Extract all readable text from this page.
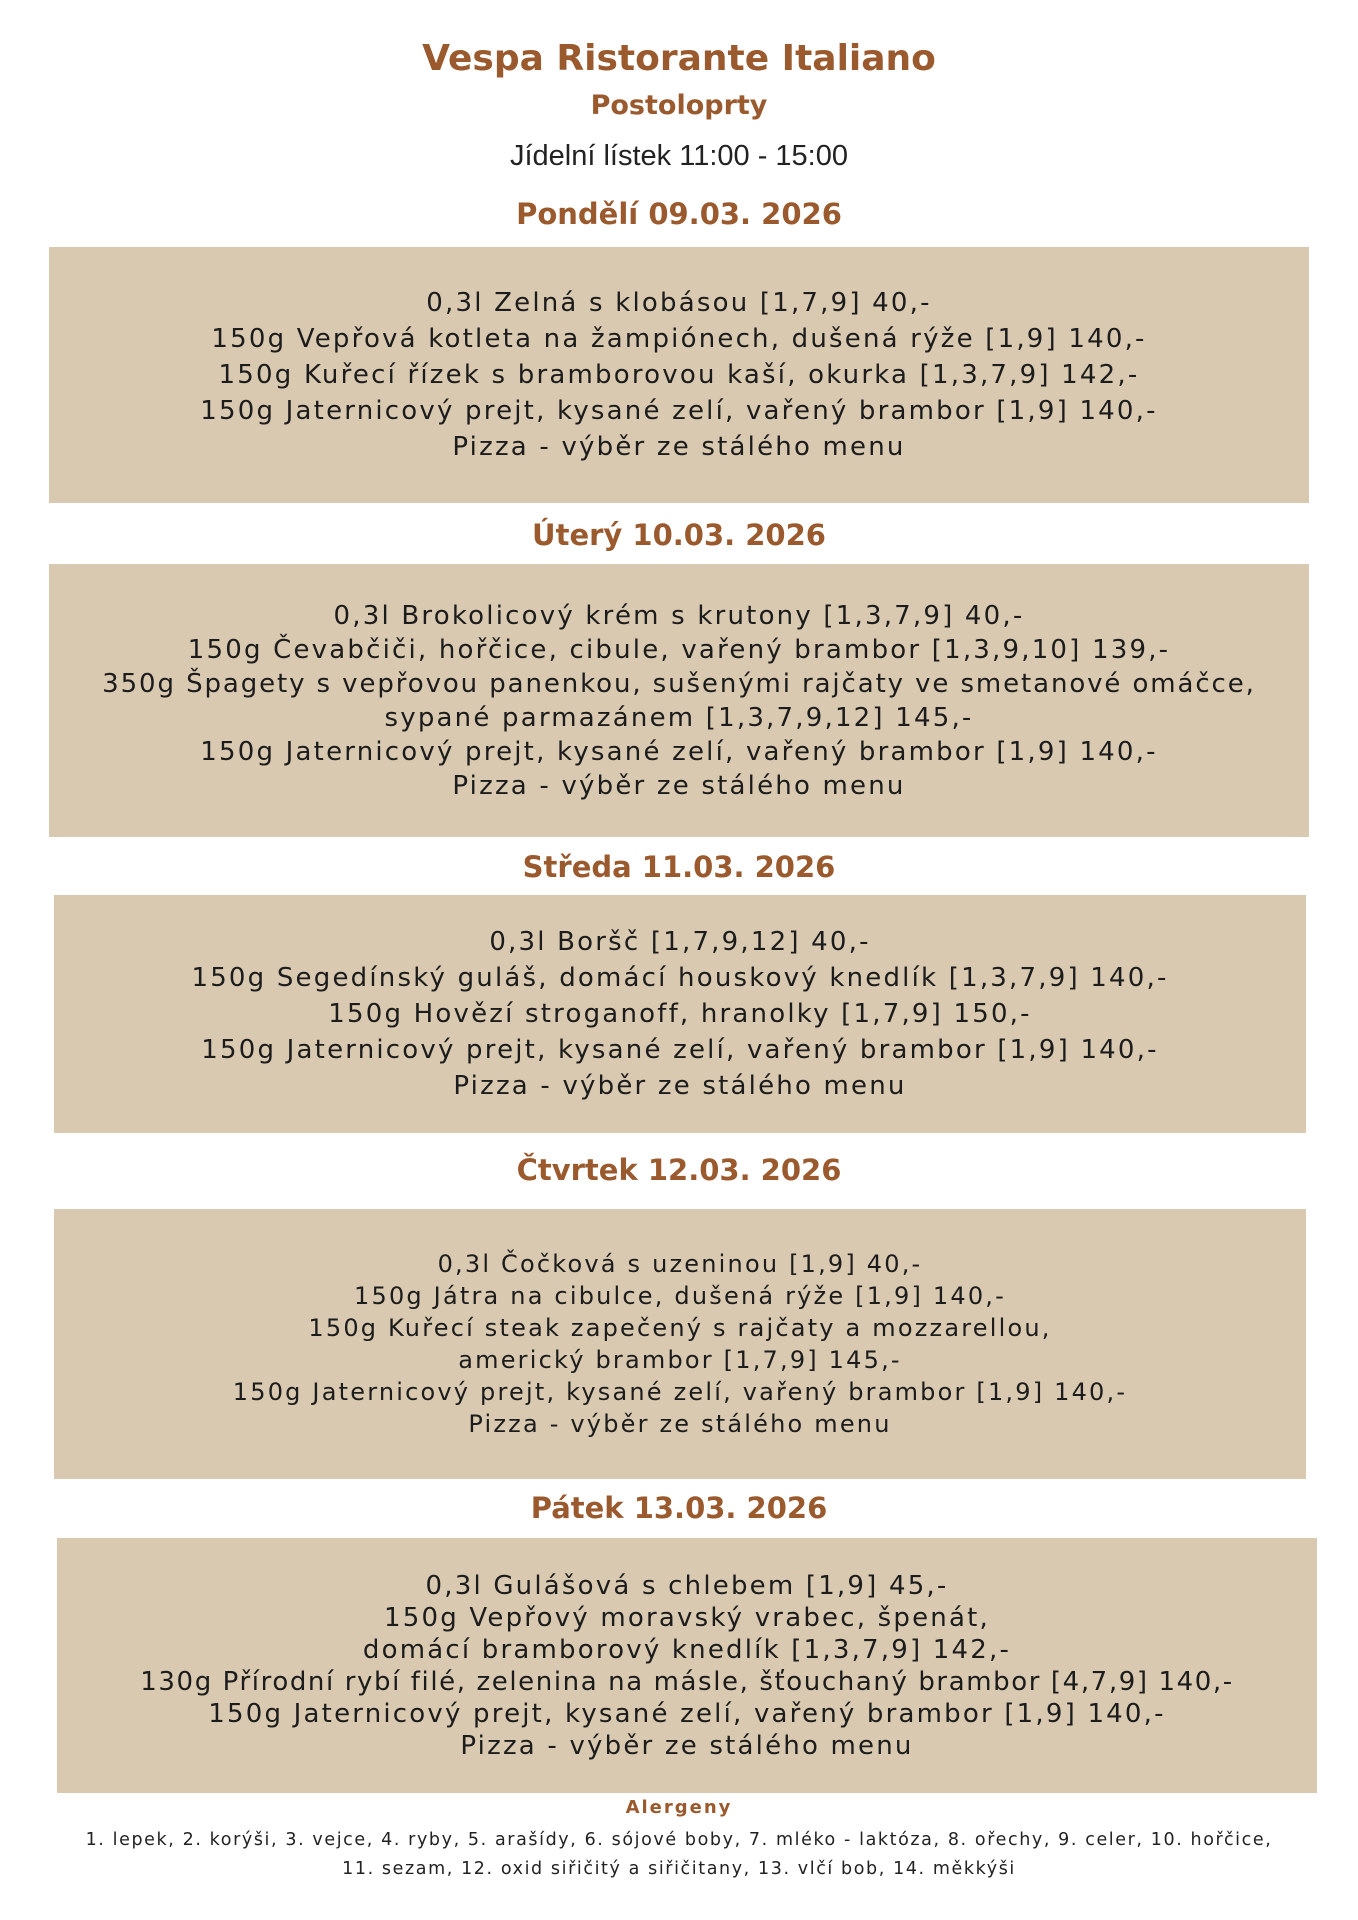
Vespa Ristorante Italiano
Postoloprty
Jídelní lístek 11:00 - 15:00
Pondělí 09.03. 2026
0,3l Zelná s klobásou [1,7,9] 40,-
150g Vepřová kotleta na žampiónech, dušená rýže [1,9] 140,-
150g Kuřecí řízek s bramborovou kaší, okurka [1,3,7,9] 142,-
150g Jaternicový prejt, kysané zelí, vařený brambor [1,9] 140,-
Pizza - výběr ze stálého menu
Úterý 10.03. 2026
0,3l Brokolicový krém s krutony [1,3,7,9] 40,-
150g Čevabčiči, hořčice, cibule, vařený brambor [1,3,9,10] 139,-
350g Špagety s vepřovou panenkou, sušenými rajčaty ve smetanové omáčce,
sypané parmazánem [1,3,7,9,12] 145,-
150g Jaternicový prejt, kysané zelí, vařený brambor [1,9] 140,-
Pizza - výběr ze stálého menu
Středa 11.03. 2026
0,3l Boršč [1,7,9,12] 40,-
150g Segedínský guláš, domácí houskový knedlík [1,3,7,9] 140,-
150g Hovězí stroganoff, hranolky [1,7,9] 150,-
150g Jaternicový prejt, kysané zelí, vařený brambor [1,9] 140,-
Pizza - výběr ze stálého menu
Čtvrtek 12.03. 2026
0,3l Čočková s uzeninou [1,9] 40,-
150g Játra na cibulce, dušená rýže [1,9] 140,-
150g Kuřecí steak zapečený s rajčaty a mozzarellou,
americký brambor [1,7,9] 145,-
150g Jaternicový prejt, kysané zelí, vařený brambor [1,9] 140,-
Pizza - výběr ze stálého menu
Pátek 13.03. 2026
0,3l Gulášová s chlebem [1,9] 45,-
150g Vepřový moravský vrabec, špenát,
domácí bramborový knedlík [1,3,7,9] 142,-
130g Přírodní rybí filé, zelenina na másle, šťouchaný brambor [4,7,9] 140,-
150g Jaternicový prejt, kysané zelí, vařený brambor [1,9] 140,-
Pizza - výběr ze stálého menu
Alergeny
1. lepek, 2. korýši, 3. vejce, 4. ryby, 5. arašídy, 6. sójové boby, 7. mléko - laktóza, 8. ořechy, 9. celer, 10. hořčice, 11. sezam, 12. oxid siřičitý a siřičitany, 13. vlčí bob, 14. měkkýši
